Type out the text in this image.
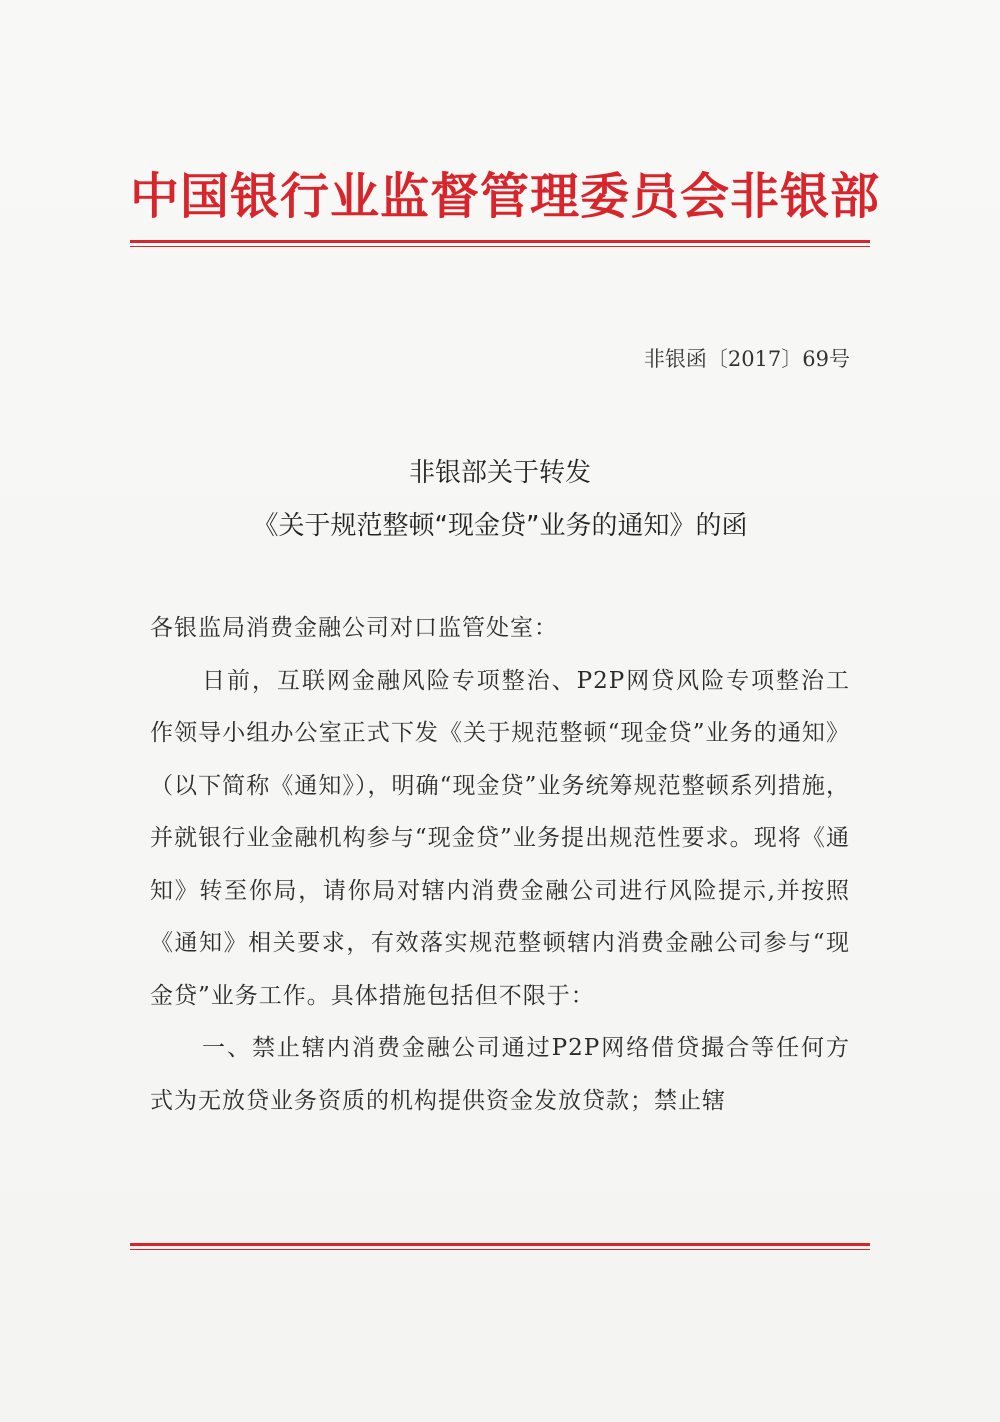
中国银行业监督管理委员会非银部
非银函〔2017〕69号
非银部关于转发
《关于规范整顿“现金贷”业务的通知》的函

各银监局消费金融公司对口监管处室：

日前，互联网金融风险专项整治、P2P网贷风险专项整治工作领导小组办公室正式下发《关于规范整顿“现金贷”业务的通知》（以下简称《通知》），明确“现金贷”业务统筹规范整顿系列措施，并就银行业金融机构参与“现金贷”业务提出规范性要求。现将《通知》转至你局，请你局对辖内消费金融公司进行风险提示,并按照《通知》相关要求，有效落实规范整顿辖内消费金融公司参与“现金贷”业务工作。具体措施包括但不限于：

一、禁止辖内消费金融公司通过P2P网络借贷撮合等任何方式为无放贷业务资质的机构提供资金发放贷款；禁止辖
